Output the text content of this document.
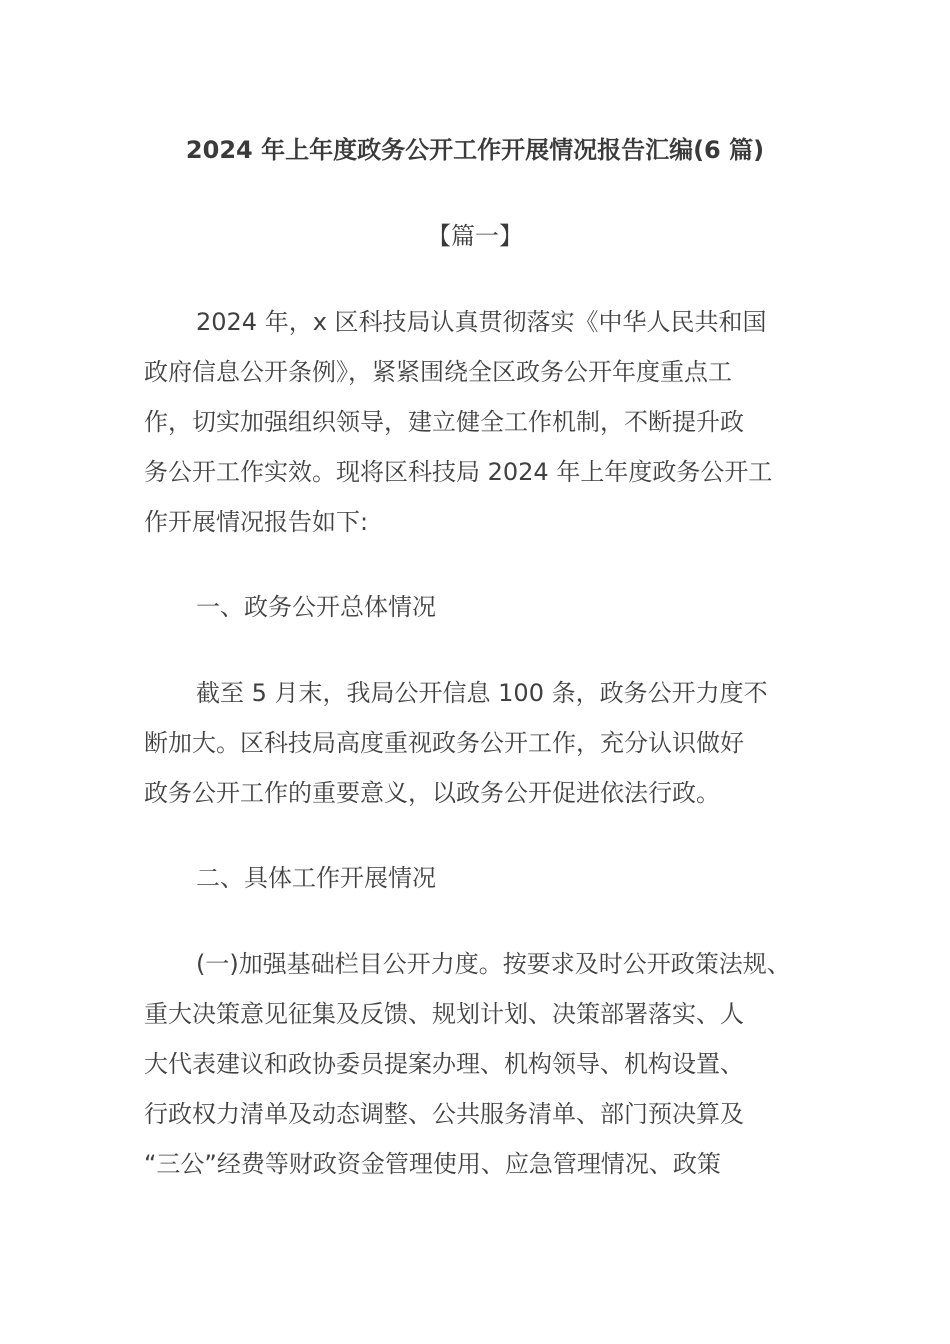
2024 年上年度政务公开工作开展情况报告汇编(6 篇)
【篇一】
2024 年，x 区科技局认真贯彻落实《中华人民共和国
政府信息公开条例》，紧紧围绕全区政务公开年度重点工
作，切实加强组织领导，建立健全工作机制，不断提升政
务公开工作实效。现将区科技局 2024 年上年度政务公开工
作开展情况报告如下:
一、政务公开总体情况
截至 5 月末，我局公开信息 100 条，政务公开力度不
断加大。区科技局高度重视政务公开工作，充分认识做好
政务公开工作的重要意义，以政务公开促进依法行政。
二、具体工作开展情况
(一)加强基础栏目公开力度。按要求及时公开政策法规、
重大决策意见征集及反馈、规划计划、决策部署落实、人
大代表建议和政协委员提案办理、机构领导、机构设置、
行政权力清单及动态调整、公共服务清单、部门预决算及
“三公”经费等财政资金管理使用、应急管理情况、政策
